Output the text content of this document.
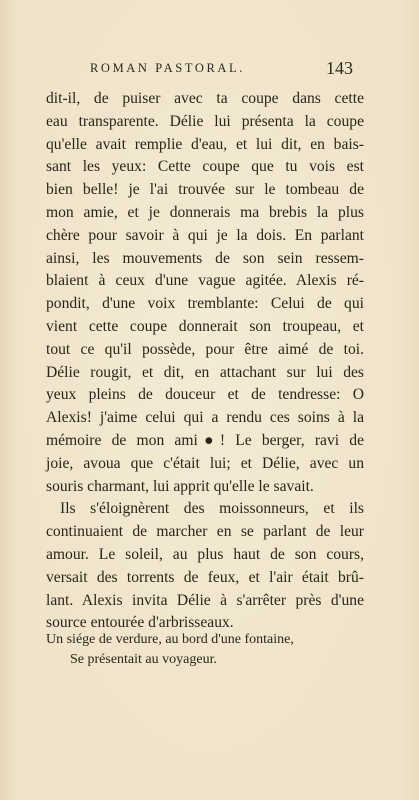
ROMAN PASTORAL.	143
dit-il, de puiser avec ta coupe dans cette
eau transparente. Délie lui présenta la coupe
qu'elle avait remplie d'eau, et lui dit, en bais-
sant les yeux: Cette coupe que tu vois est
bien belle! je l'ai trouvée sur le tombeau de
mon amie, et je donnerais ma brebis la plus
chère pour savoir à qui je la dois. En parlant
ainsi, les mouvements de son sein ressem-
blaient à ceux d'une vague agitée. Alexis ré-
pondit, d'une voix tremblante: Celui de qui
vient cette coupe donnerait son troupeau, et
tout ce qu'il possède, pour être aimé de toi.
Délie rougit, et dit, en attachant sur lui des
yeux pleins de douceur et de tendresse: O
Alexis! j'aime celui qui a rendu ces soins à la
mémoire de mon ami●! Le berger, ravi de
joie, avoua que c'était lui; et Délie, avec un
souris charmant, lui apprit qu'elle le savait.
Ils s'éloignèrent des moissonneurs, et ils
continuaient de marcher en se parlant de leur
amour. Le soleil, au plus haut de son cours,
versait des torrents de feux, et l'air était brû-
lant. Alexis invita Délie à s'arrêter près d'une
source entourée d'arbrisseaux.
Un siége de verdure, au bord d'une fontaine,
Se présentait au voyageur.
